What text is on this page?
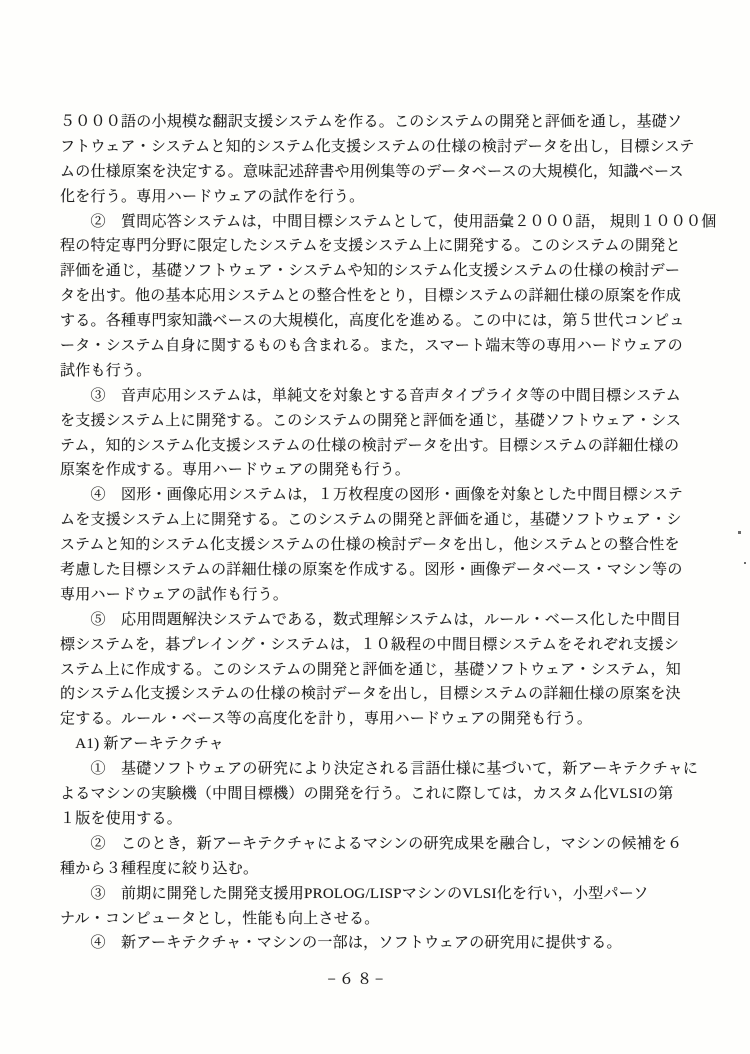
５０００語の小規模な翻訳支援システムを作る。このシステムの開発と評価を通し，基礎ソ
フトウェア・システムと知的システム化支援システムの仕様の検討データを出し，目標システ
ムの仕様原案を決定する。意味記述辞書や用例集等のデータベースの大規模化，知識ベース
化を行う。専用ハードウェアの試作を行う。
　　②　質問応答システムは，中間目標システムとして，使用語彙２０００語， 規則１０００個
程の特定専門分野に限定したシステムを支援システム上に開発する。このシステムの開発と
評価を通じ，基礎ソフトウェア・システムや知的システム化支援システムの仕様の検討デー
タを出す。他の基本応用システムとの整合性をとり，目標システムの詳細仕様の原案を作成
する。各種専門家知識ベースの大規模化，高度化を進める。この中には，第５世代コンピュ
ータ・システム自身に関するものも含まれる。また，スマート端末等の専用ハードウェアの
試作も行う。
　　③　音声応用システムは，単純文を対象とする音声タイプライタ等の中間目標システム
を支援システム上に開発する。このシステムの開発と評価を通じ，基礎ソフトウェア・シス
テム，知的システム化支援システムの仕様の検討データを出す。目標システムの詳細仕様の
原案を作成する。専用ハードウェアの開発も行う。
　　④　図形・画像応用システムは，１万枚程度の図形・画像を対象とした中間目標システ
ムを支援システム上に開発する。このシステムの開発と評価を通じ，基礎ソフトウェア・シ
ステムと知的システム化支援システムの仕様の検討データを出し，他システムとの整合性を
考慮した目標システムの詳細仕様の原案を作成する。図形・画像データベース・マシン等の
専用ハードウェアの試作も行う。
　　⑤　応用問題解決システムである，数式理解システムは，ルール・ベース化した中間目
標システムを，碁プレイング・システムは，１０級程の中間目標システムをそれぞれ支援シ
ステム上に作成する。このシステムの開発と評価を通じ，基礎ソフトウェア・システム，知
的システム化支援システムの仕様の検討データを出し，目標システムの詳細仕様の原案を決
定する。ルール・ベース等の高度化を計り，専用ハードウェアの開発も行う。
　A1) 新アーキテクチャ
　　①　基礎ソフトウェアの研究により決定される言語仕様に基づいて，新アーキテクチャに
よるマシンの実験機（中間目標機）の開発を行う。これに際しては，カスタム化VLSIの第
１版を使用する。
　　②　このとき，新アーキテクチャによるマシンの研究成果を融合し，マシンの候補を６
種から３種程度に絞り込む。
　　③　前期に開発した開発支援用PROLOG/LISPマシンのVLSI化を行い，小型パーソ
ナル・コンピュータとし，性能も向上させる。
　　④　新アーキテクチャ・マシンの一部は，ソフトウェアの研究用に提供する。
−６８−
